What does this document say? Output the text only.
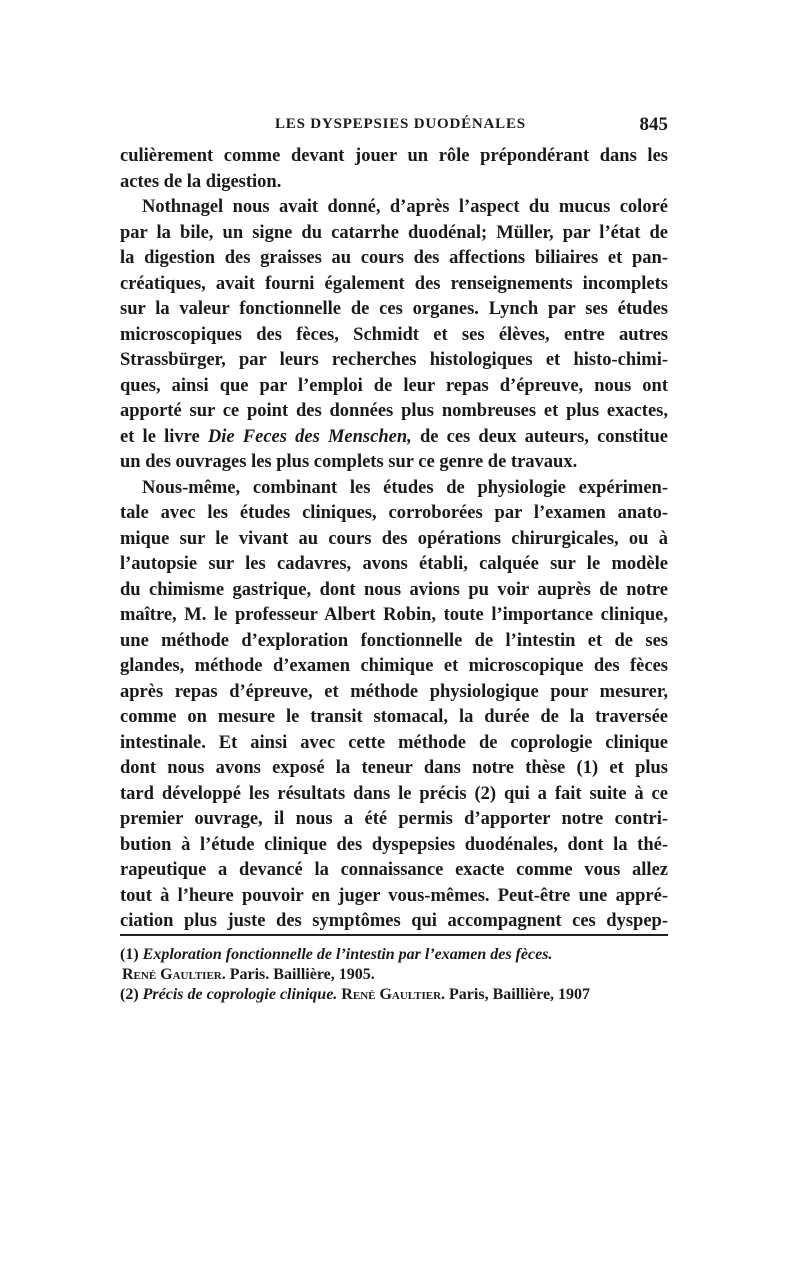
LES DYSPEPSIES DUODÉNALES	845
culièrement comme devant jouer un rôle prépondérant dans les
actes de la digestion.
Nothnagel nous avait donné, d’après l’aspect du mucus coloré
par la bile, un signe du catarrhe duodénal; Müller, par l’état de
la digestion des graisses au cours des affections biliaires et pan-
créatiques, avait fourni également des renseignements incomplets
sur la valeur fonctionnelle de ces organes. Lynch par ses études
microscopiques des fèces, Schmidt et ses élèves, entre autres
Strassbürger, par leurs recherches histologiques et histo-chimi-
ques, ainsi que par l’emploi de leur repas d’épreuve, nous ont
apporté sur ce point des données plus nombreuses et plus exactes,
et le livre Die Feces des Menschen, de ces deux auteurs, constitue
un des ouvrages les plus complets sur ce genre de travaux.
Nous-même, combinant les études de physiologie expérimen-
tale avec les études cliniques, corroborées par l’examen anato-
mique sur le vivant au cours des opérations chirurgicales, ou à
l’autopsie sur les cadavres, avons établi, calquée sur le modèle
du chimisme gastrique, dont nous avions pu voir auprès de notre
maître, M. le professeur Albert Robin, toute l’importance clinique,
une méthode d’exploration fonctionnelle de l’intestin et de ses
glandes, méthode d’examen chimique et microscopique des fèces
après repas d’épreuve, et méthode physiologique pour mesurer,
comme on mesure le transit stomacal, la durée de la traversée
intestinale. Et ainsi avec cette méthode de coprologie clinique
dont nous avons exposé la teneur dans notre thèse (1) et plus
tard développé les résultats dans le précis (2) qui a fait suite à ce
premier ouvrage, il nous a été permis d’apporter notre contri-
bution à l’étude clinique des dyspepsies duodénales, dont la thé-
rapeutique a devancé la connaissance exacte comme vous allez
tout à l’heure pouvoir en juger vous-mêmes. Peut-être une appré-
ciation plus juste des symptômes qui accompagnent ces dyspep-
(1) Exploration fonctionnelle de l’intestin par l’examen des fèces.
René Gaultier. Paris. Baillière, 1905.
(2) Précis de coprologie clinique. René Gaultier. Paris, Baillière, 1907
